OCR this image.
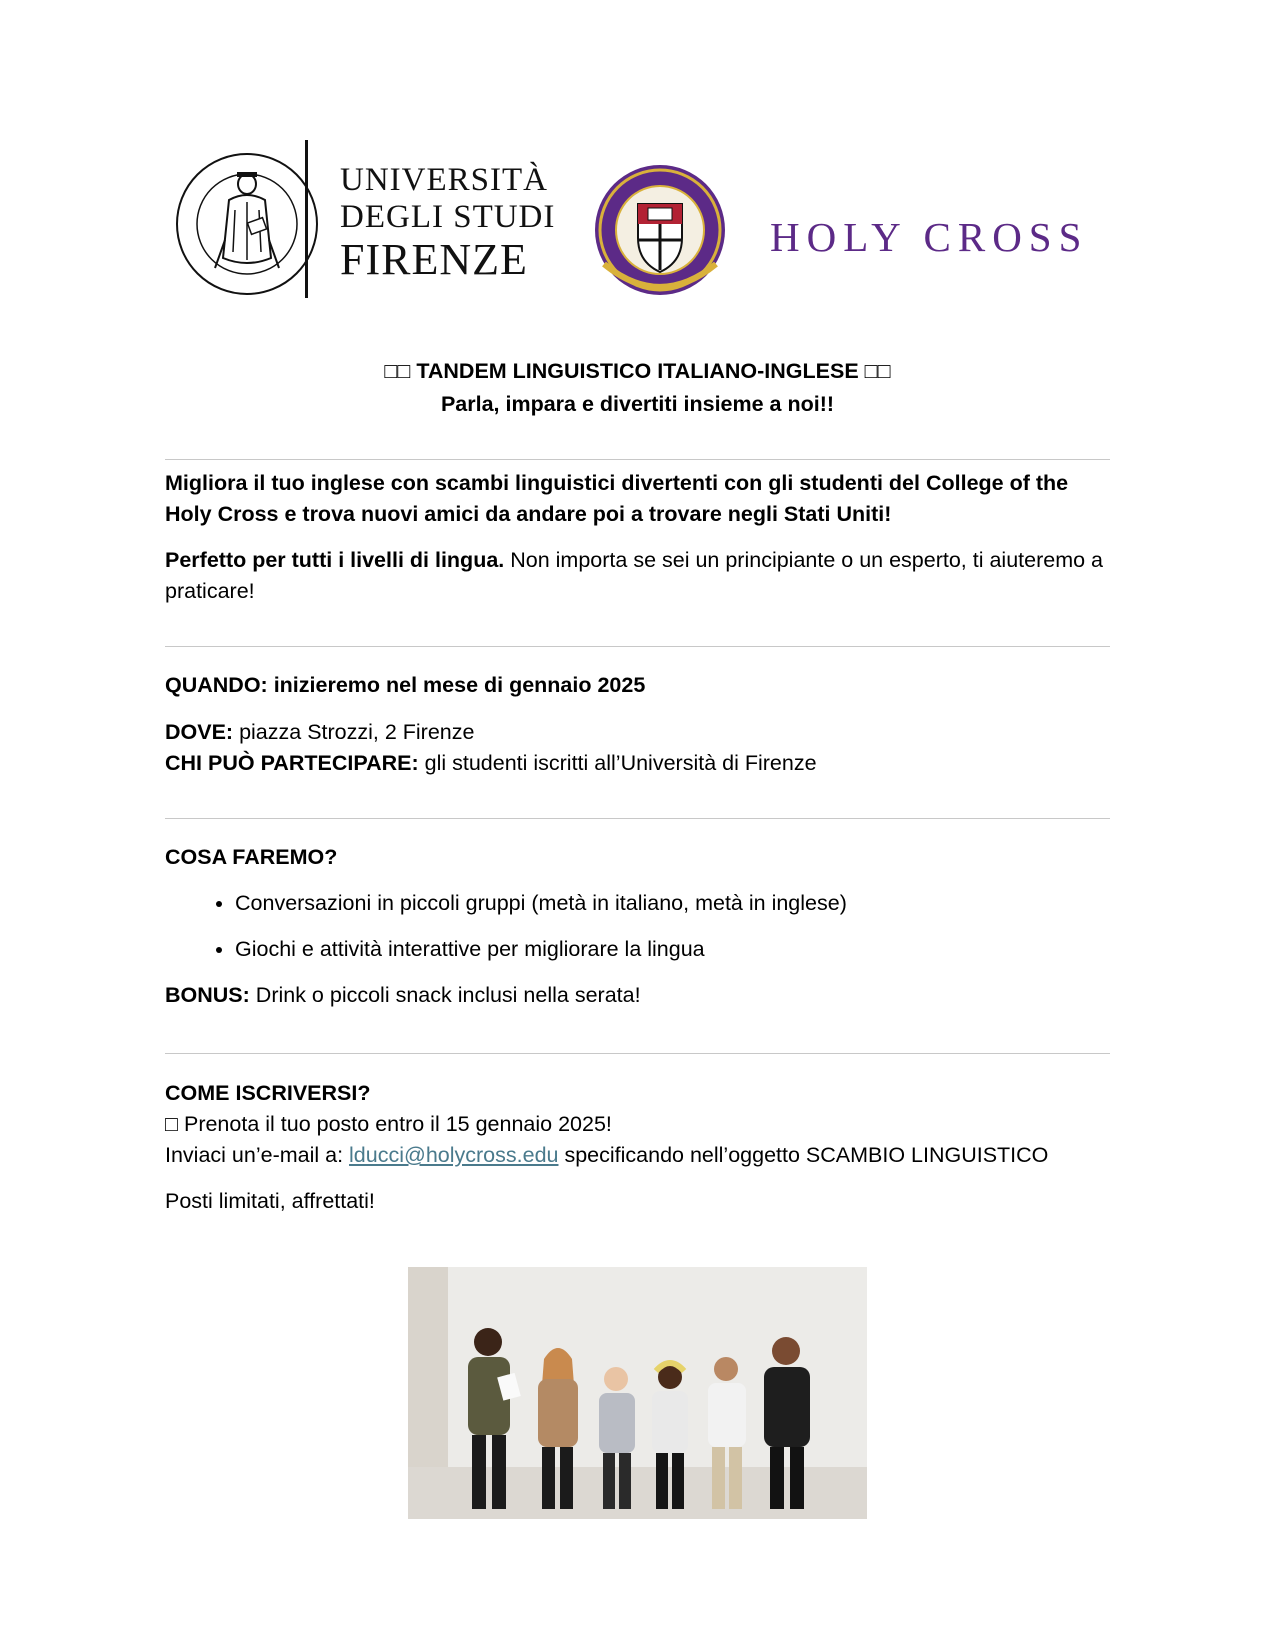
UNIVERSITÀ
DEGLI STUDI
FIRENZE	HOLY CROSS
□□ TANDEM LINGUISTICO ITALIANO-INGLESE □□
Parla, impara e divertiti insieme a noi!!

Migliora il tuo inglese con scambi linguistici divertenti con gli studenti del College of the Holy Cross e trova nuovi amici da andare poi a trovare negli Stati Uniti!

Perfetto per tutti i livelli di lingua. Non importa se sei un principiante o un esperto, ti aiuteremo a praticare!

QUANDO: inizieremo nel mese di gennaio 2025

DOVE: piazza Strozzi, 2 Firenze

CHI PUÒ PARTECIPARE: gli studenti iscritti all’Università di Firenze

COSA FAREMO?

• Conversazioni in piccoli gruppi (metà in italiano, metà in inglese)
• Giochi e attività interattive per migliorare la lingua

BONUS: Drink o piccoli snack inclusi nella serata!

COME ISCRIVERSI?

□ Prenota il tuo posto entro il 15 gennaio 2025!

Inviaci un’e-mail a: lducci@holycross.edu specificando nell’oggetto SCAMBIO LINGUISTICO

Posti limitati, affrettati!
